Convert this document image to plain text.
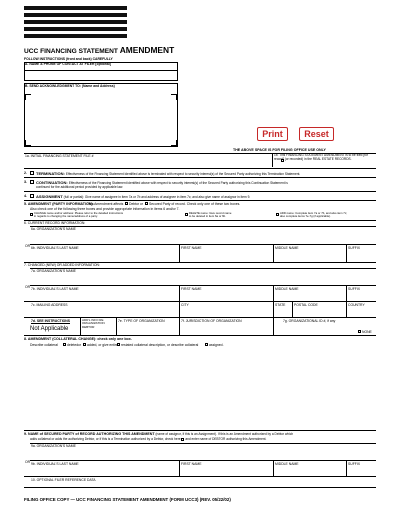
UCC FINANCING STATEMENT AMENDMENT
FOLLOW INSTRUCTIONS (front and back) CAREFULLY
A. NAME & PHONE OF CONTACT AT FILER [optional]
B. SEND ACKNOWLEDGMENT TO: (Name and Address)
Print	Reset
THE ABOVE SPACE IS FOR FILING OFFICE USE ONLY
1a. INITIAL FINANCING STATEMENT FILE #	1b. This FINANCING STATEMENT AMENDMENT is to be filed [for record] (or recorded) in the REAL ESTATE RECORDS.
2. TERMINATION: Effectiveness of the Financing Statement identified above is terminated with respect to security interest(s) of the Secured Party authorizing this Termination Statement.
3. CONTINUATION: Effectiveness of the Financing Statement identified above with respect to security interest(s) of the Secured Party authorizing this Continuation Statement is
continued for the additional period provided by applicable law.
4. ASSIGNMENT (full or partial): Give name of assignee in item 7a or 7b and address of assignee in item 7c; and also give name of assignor in item 9.
5. AMENDMENT (PARTY INFORMATION):
This Amendment affects Debtor or Secured Party of record. Check only one of these two boxes.
Also check one of the following three boxes and provide appropriate information in items 6 and/or 7.
CHANGE name and/or address: Please refer to the detailed instructions
in regards to changing the name/address of a party.
DELETE name: Give record name
to be deleted in item 6a or 6b.
ADD name: Complete item 7a or 7b, and also item 7c;
also complete items 7e-7g (if applicable).
6. CURRENT RECORD INFORMATION:
6a. ORGANIZATION'S NAME
OR 6b. INDIVIDUAL'S LAST NAME	FIRST NAME	MIDDLE NAME	SUFFIX
7. CHANGED (NEW) OR ADDED INFORMATION:
7a. ORGANIZATION'S NAME
OR 7b. INDIVIDUAL'S LAST NAME	FIRST NAME	MIDDLE NAME	SUFFIX
7c. MAILING ADDRESS	CITY	STATE	POSTAL CODE	COUNTRY
7d. SEE INSTRUCTIONS	ADD'L INFO RE ORGANIZATION DEBTOR
7e. TYPE OF ORGANIZATION	7f. JURISDICTION OF ORGANIZATION	7g. ORGANIZATIONAL ID #, if any
NONE
Not Applicable
8. AMENDMENT (COLLATERAL CHANGE): check only one box.
Describe collateral	deleted or added, or give entire restated collateral description, or describe collateral	assigned.
9. NAME of SECURED PARTY of RECORD AUTHORIZING THIS AMENDMENT (name of assignor, if this is an Assignment). If this is an Amendment authorized by a Debtor which
adds collateral or adds the authorizing Debtor, or if this is a Termination authorized by a Debtor, check here and enter name of DEBTOR authorizing this Amendment.
9a. ORGANIZATION'S NAME
OR 9b. INDIVIDUAL'S LAST NAME	FIRST NAME	MIDDLE NAME	SUFFIX
10. OPTIONAL FILER REFERENCE DATA
FILING OFFICE COPY — UCC FINANCING STATEMENT AMENDMENT (FORM UCC3) (REV. 05/22/02)
